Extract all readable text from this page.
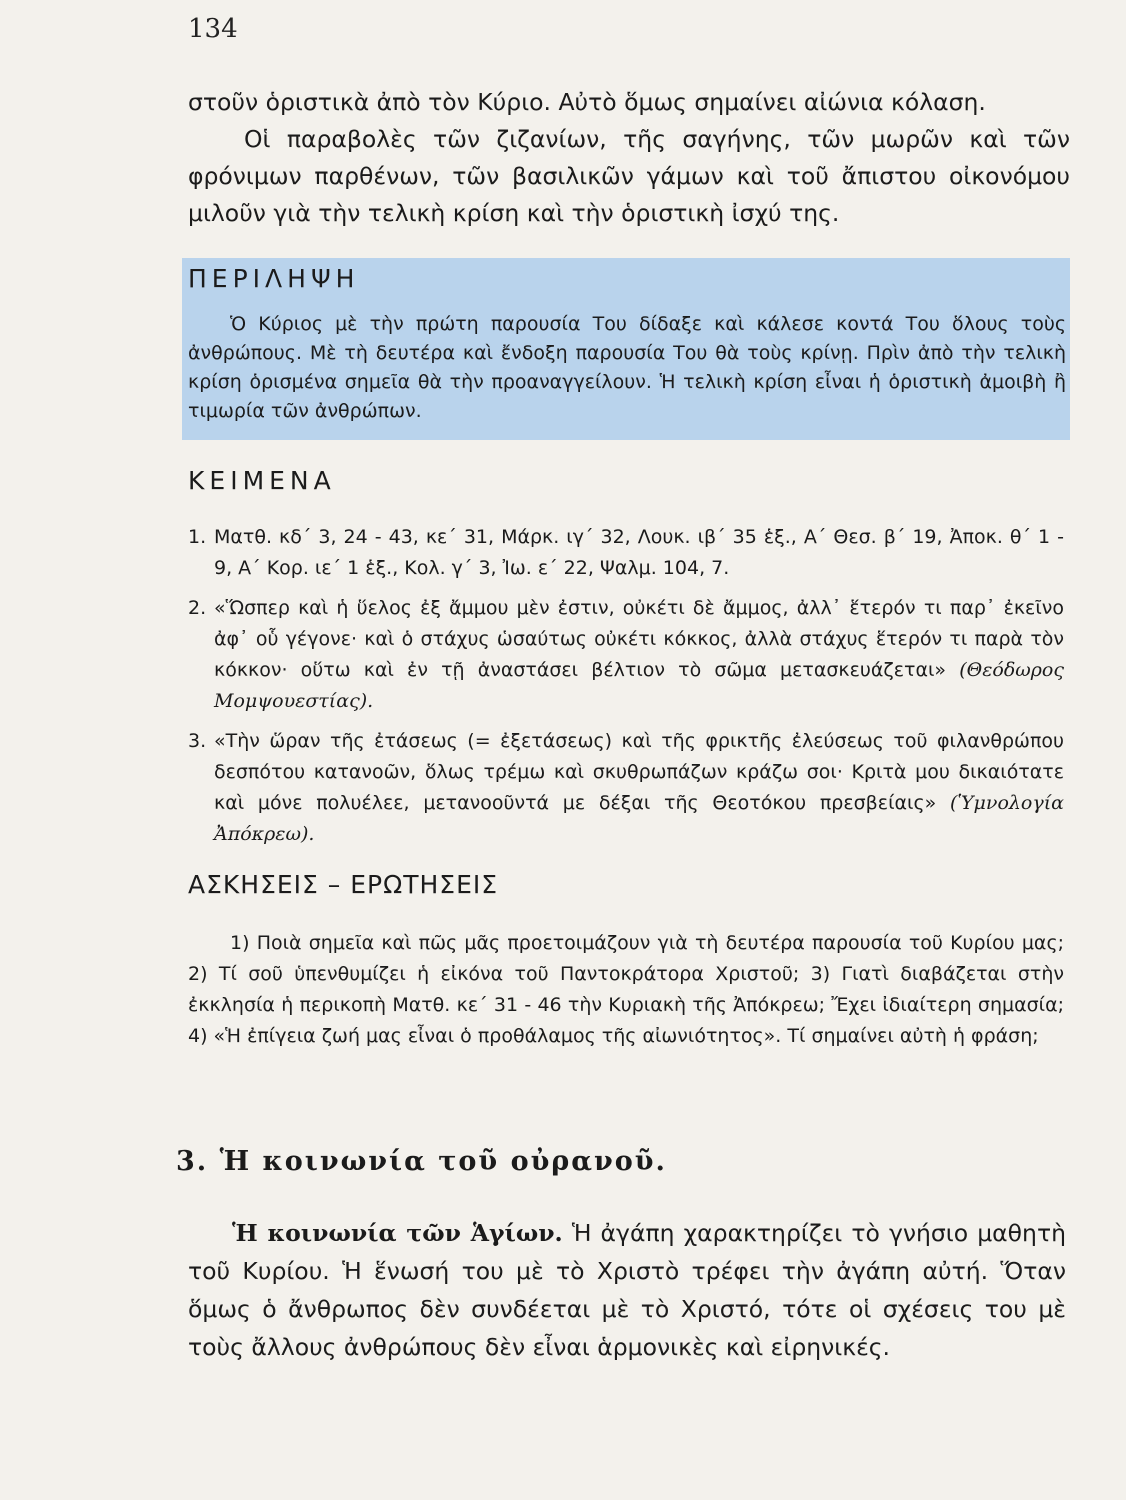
134

στοῦν ὁριστικὰ ἀπὸ τὸν Κύριο. Αὐτὸ ὅμως σημαίνει αἰώνια κόλαση.
Οἱ παραβολὲς τῶν ζιζανίων, τῆς σαγήνης, τῶν μωρῶν καὶ τῶν φρόνιμων παρθένων, τῶν βασιλικῶν γάμων καὶ τοῦ ἄπιστου οἰκονόμου μιλοῦν γιὰ τὴν τελικὴ κρίση καὶ τὴν ὁριστικὴ ἰσχύ της.

ΠΕΡΙΛΗΨΗ

Ὁ Κύριος μὲ τὴν πρώτη παρουσία Του δίδαξε καὶ κάλεσε κοντά Του ὅλους τοὺς ἀνθρώπους. Μὲ τὴ δευτέρα καὶ ἔνδοξη παρουσία Του θὰ τοὺς κρίνῃ. Πρὶν ἀπὸ τὴν τελικὴ κρίση ὁρισμένα σημεῖα θὰ τὴν προαναγγείλουν. Ἡ τελικὴ κρίση εἶναι ἡ ὁριστικὴ ἀμοιβὴ ἢ τιμωρία τῶν ἀνθρώπων.

ΚΕΙΜΕΝΑ
1. Ματθ. κδ΄ 3, 24 - 43, κε΄ 31, Μάρκ. ιγ΄ 32, Λουκ. ιβ΄ 35 ἑξ., Α΄ Θεσ. β΄ 19, Ἀποκ. θ΄ 1 - 9, Α΄ Κορ. ιε΄ 1 ἑξ., Κολ. γ΄ 3, Ἰω. ε΄ 22, Ψαλμ. 104, 7.
2. «Ὥσπερ καὶ ἡ ὕελος ἐξ ἄμμου μὲν ἐστιν, οὐκέτι δὲ ἄμμος, ἀλλ᾽ ἕτερόν τι παρ᾽ ἐκεῖνο ἀφ᾽ οὗ γέγονε· καὶ ὁ στάχυς ὡσαύτως οὐκέτι κόκκος, ἀλλὰ στάχυς ἕτερόν τι παρὰ τὸν κόκκον· οὕτω καὶ ἐν τῇ ἀναστάσει βέλτιον τὸ σῶμα μετασκευάζεται» (Θεόδωρος Μομψουεστίας).
3. «Τὴν ὥραν τῆς ἐτάσεως (= ἐξετάσεως) καὶ τῆς φρικτῆς ἐλεύσεως τοῦ φιλανθρώπου δεσπότου κατανοῶν, ὅλως τρέμω καὶ σκυθρωπάζων κράζω σοι· Κριτὰ μου δικαιότατε καὶ μόνε πολυέλεε, μετανοοῦντά με δέξαι τῆς Θεοτόκου πρεσβείαις» (Ὑμνολογία Ἀπόκρεω).
ΑΣΚΗΣΕΙΣ – ΕΡΩΤΗΣΕΙΣ

1) Ποιὰ σημεῖα καὶ πῶς μᾶς προετοιμάζουν γιὰ τὴ δευτέρα παρουσία τοῦ Κυρίου μας; 2) Τί σοῦ ὑπενθυμίζει ἡ εἰκόνα τοῦ Παντοκράτορα Χριστοῦ; 3) Γιατὶ διαβάζεται στὴν ἐκκλησία ἡ περικοπὴ Ματθ. κε΄ 31 - 46 τὴν Κυριακὴ τῆς Ἀπόκρεω; Ἔχει ἰδιαίτερη σημασία; 4) «Ἡ ἐπίγεια ζωή μας εἶναι ὁ προθάλαμος τῆς αἰωνιότητος». Τί σημαίνει αὐτὴ ἡ φράση;

3. Ἡ κοινωνία τοῦ οὐρανοῦ.

Ἡ κοινωνία τῶν Ἁγίων. Ἡ ἀγάπη χαρακτηρίζει τὸ γνήσιο μαθητὴ τοῦ Κυρίου. Ἡ ἕνωσή του μὲ τὸ Χριστὸ τρέφει τὴν ἀγάπη αὐτή. Ὅταν ὅμως ὁ ἄνθρωπος δὲν συνδέεται μὲ τὸ Χριστό, τότε οἱ σχέσεις του μὲ τοὺς ἄλλους ἀνθρώπους δὲν εἶναι ἁρμονικὲς καὶ εἰρηνικές.
